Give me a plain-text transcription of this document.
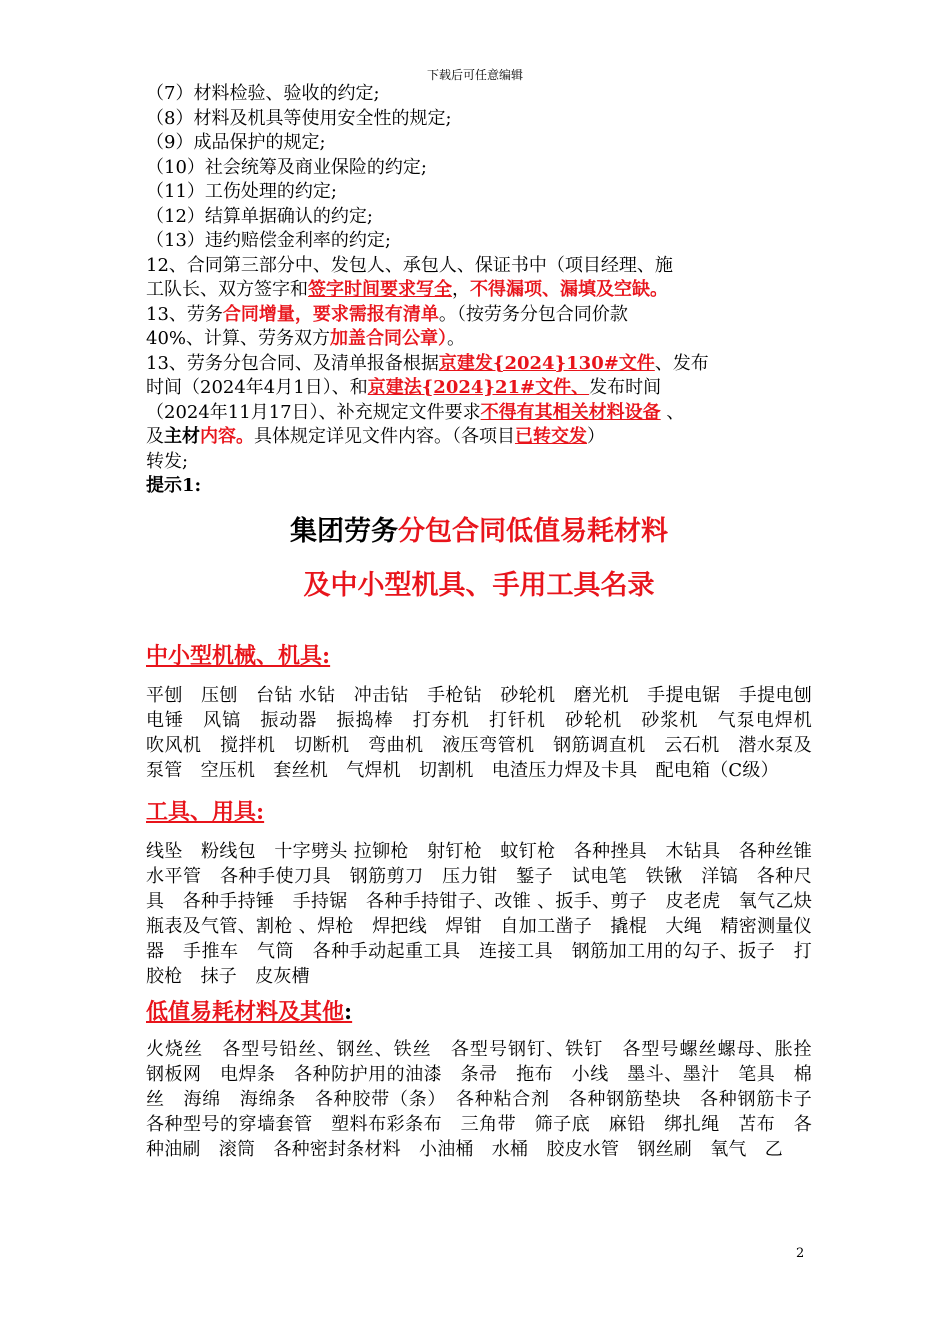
下载后可任意编辑

（7）材料检验、验收的约定;

（8）材料及机具等使用安全性的规定;

（9）成品保护的规定;

（10）社会统筹及商业保险的约定;

（11）工伤处理的约定;

（12）结算单据确认的约定;

（13）违约赔偿金利率的约定;

12、合同第三部分中、发包人、承包人、保证书中（项目经理、施

工队长、双方签字和签字时间要求写全，不得漏项、漏填及空缺。

13、劳务合同增量，要求需报有清单。（按劳务分包合同价款

40%、计算、劳务双方加盖合同公章）。

13、劳务分包合同、及清单报备根据京建发{2024}130#文件、发布

时间（2024年4月1日）、和京建法{2024}21#文件、发布时间

（2024年11月17日）、补充规定文件要求不得有其相关材料设备 、

及主材内容。具体规定详见文件内容。（各项目已转交发）

转发;

提示1:

集团劳务分包合同低值易耗材料

及中小型机具、手用工具名录

中小型机械、机具:

平刨　压刨　台钻 水钻　冲击钻　手枪钻　砂轮机　磨光机　手提电锯　手提电刨　电锤　风镐　振动器　振捣棒　打夯机　打钎机　砂轮机　砂浆机　气泵电焊机　吹风机　搅拌机　切断机　弯曲机　液压弯管机　钢筋调直机　云石机　潜水泵及泵管　空压机　套丝机　气焊机　切割机　电渣压力焊及卡具　配电箱（C级）

工具、用具:

线坠　粉线包　十字劈头 拉铆枪　射钉枪　蚊钉枪　各种挫具　木钻具　各种丝锥　水平管　各种手使刀具　钢筋剪刀　压力钳　錾子　试电笔　铁锹　洋镐　各种尺具　各种手持锤　手持锯　各种手持钳子、改锥 、扳手、剪子　皮老虎　氧气乙炔瓶表及气管、割枪 、焊枪　焊把线　焊钳　自加工凿子　撬棍　大绳　精密测量仪器　手推车　气筒　各种手动起重工具　连接工具　钢筋加工用的勾子、扳子　打胶枪　抹子　皮灰槽

低值易耗材料及其他:

火烧丝　各型号铅丝、钢丝、铁丝　各型号钢钉、铁钉　各型号螺丝螺母、胀拴　钢板网　电焊条　各种防护用的油漆　条帚　拖布　小线　墨斗、墨汁　笔具　棉丝　海绵　海绵条　各种胶带（条）　各种粘合剂　各种钢筋垫块　各种钢筋卡子　各种型号的穿墙套管　塑料布彩条布　三角带　筛子底　麻铅　绑扎绳　苫布　各种油刷　滚筒　各种密封条材料　小油桶　水桶　胶皮水管　钢丝刷　氧气　乙

2
